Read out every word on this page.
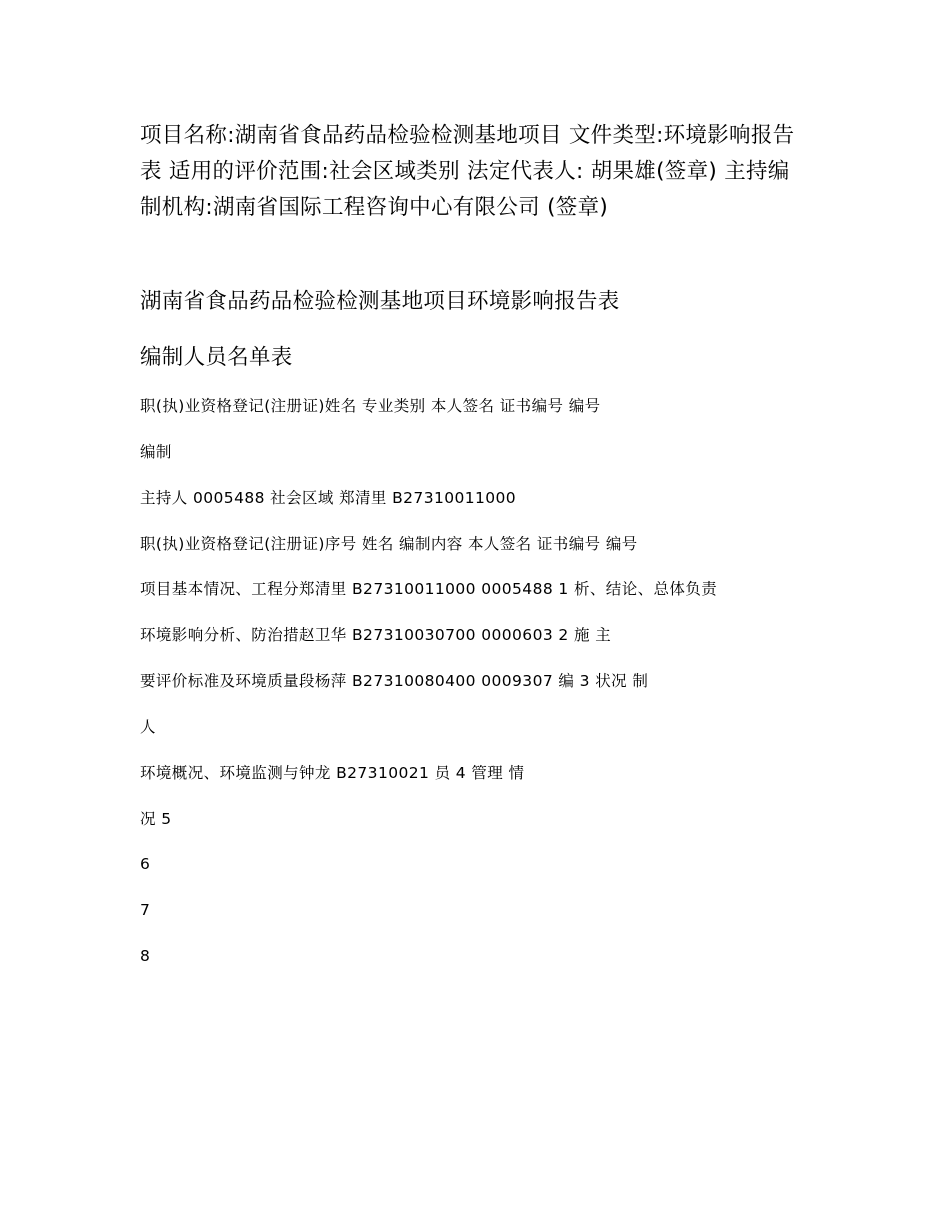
项目名称:湖南省食品药品检验检测基地项目 文件类型:环境影响报告表 适用的评价范围:社会区域类别 法定代表人: 胡果雄(签章) 主持编制机构:湖南省国际工程咨询中心有限公司 (签章)
湖南省食品药品检验检测基地项目环境影响报告表
编制人员名单表
职(执)业资格登记(注册证)姓名 专业类别 本人签名 证书编号 编号
编制
主持人 0005488 社会区域 郑清里 B27310011000
职(执)业资格登记(注册证)序号 姓名 编制内容 本人签名 证书编号 编号
项目基本情况、工程分郑清里 B27310011000 0005488 1 析、结论、总体负责
环境影响分析、防治措赵卫华 B27310030700 0000603 2 施 主
要评价标准及环境质量段杨萍 B27310080400 0009307 编 3 状况 制
人
环境概况、环境监测与钟龙 B27310021 员 4 管理 情
况 5
6
7
8
